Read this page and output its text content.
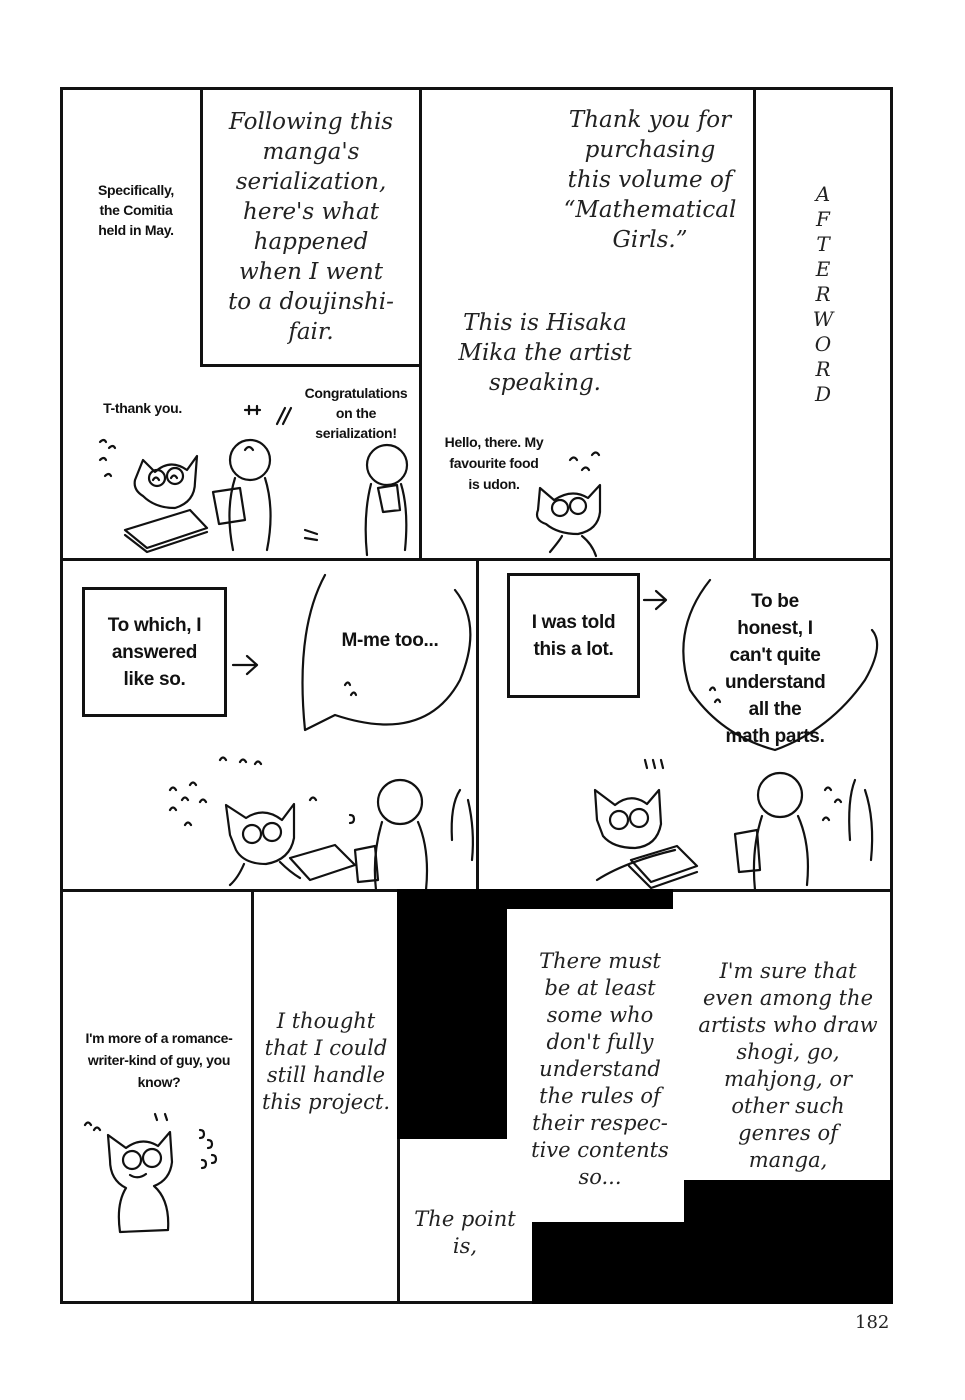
Following this manga's serialization, here's what happened when I went to a doujinshi-fair.
Specifically, the Comitia held in May.
T-thank you.
Congratulations on the serialization!
Thank you for purchasing this volume of “Mathematical Girls.”
This is Hisaka Mika the artist speaking.
Hello, there. My favourite food is udon.
A
F
T
E
R
W
O
R
D
To which, I answered like so.
M-me too...
I was told this a lot.
To be honest, I can't quite understand all the math parts.
I'm more of a romance-writer-kind of guy, you know?
I thought that I could still handle this project.
I'm sure that even among the artists who draw shogi, go, mahjong, or other such genres of manga,
There must be at least some who don't fully understand the rules of their respec-tive contents so...
The point is,
182
